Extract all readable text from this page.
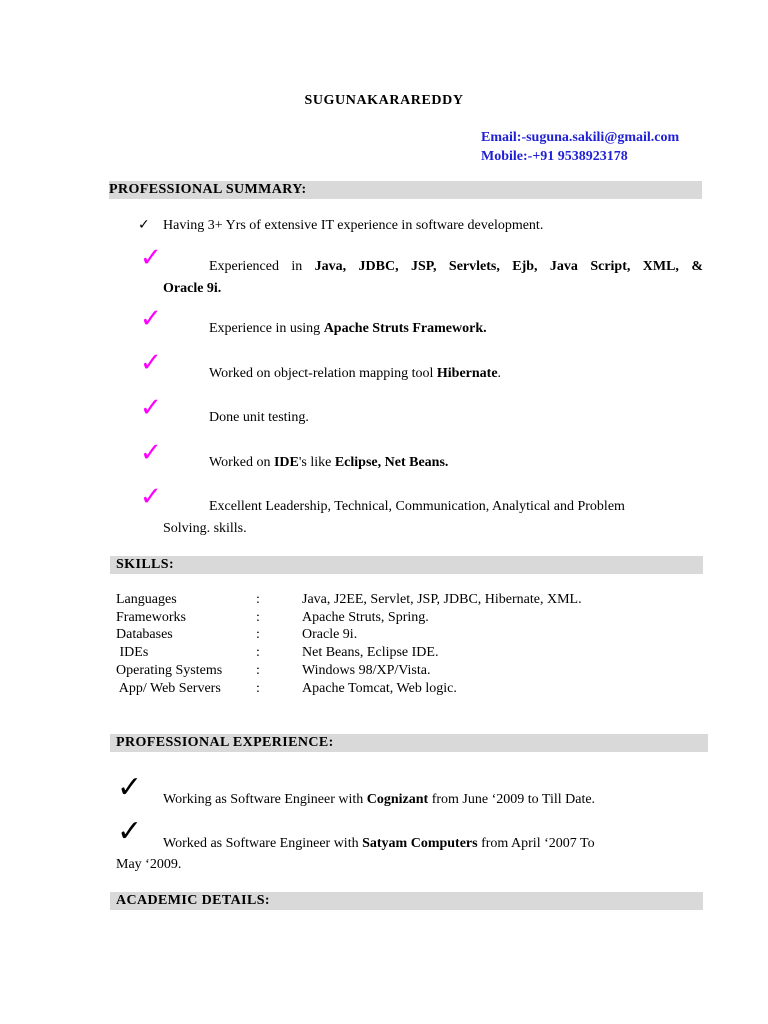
SUGUNAKARAREDDY
Email:-suguna.sakili@gmail.com
Mobile:-+91 9538923178
PROFESSIONAL SUMMARY:
✓ Having 3+ Yrs of extensive IT experience in software development.
✓	Experienced in Java, JDBC, JSP, Servlets, Ejb, Java Script, XML, &
Oracle 9i.
✓	Experience in using Apache Struts Framework.
✓	Worked on object-relation mapping tool Hibernate.
✓	Done unit testing.
✓	Worked on IDE's like Eclipse, Net Beans.
✓	Excellent Leadership, Technical, Communication, Analytical and Problem
Solving. skills.
SKILLS:
Languages	:	Java, J2EE, Servlet, JSP, JDBC, Hibernate, XML.
Frameworks	:	Apache Struts, Spring.
Databases	:	Oracle 9i.
IDEs	:	Net Beans, Eclipse IDE.
Operating Systems :	Windows 98/XP/Vista.
App/ Web Servers	:	Apache Tomcat, Web logic.
PROFESSIONAL EXPERIENCE:
✓ Working as Software Engineer with Cognizant from June ‘2009 to Till Date.
✓ Worked as Software Engineer with Satyam Computers from April ‘2007 To
May ‘2009.
ACADEMIC DETAILS:
